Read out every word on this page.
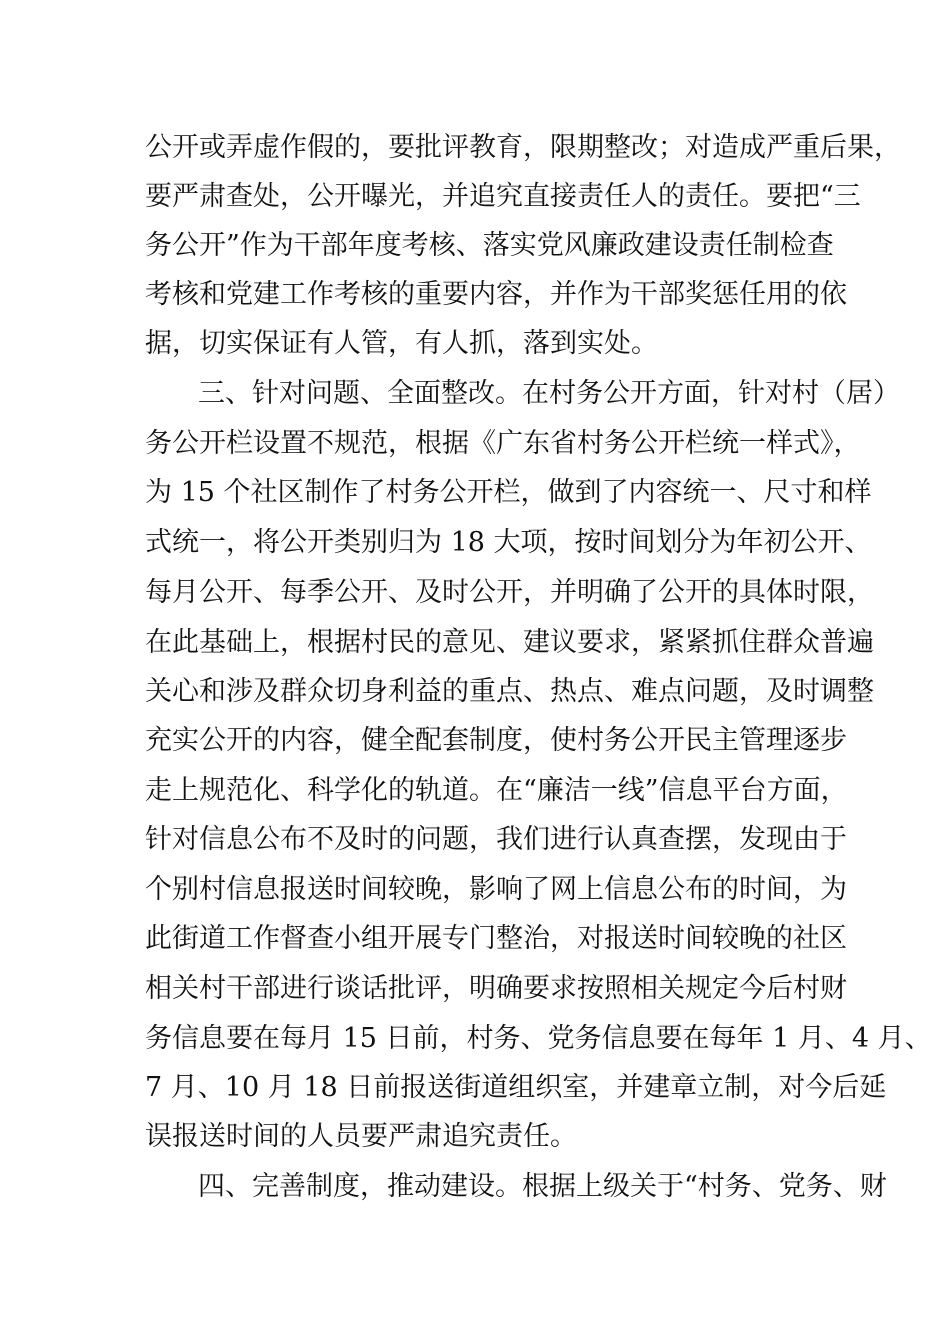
公开或弄虚作假的，要批评教育，限期整改；对造成严重后果，
要严肃查处，公开曝光，并追究直接责任人的责任。要把“三
务公开”作为干部年度考核、落实党风廉政建设责任制检查
考核和党建工作考核的重要内容，并作为干部奖惩任用的依
据，切实保证有人管，有人抓，落到实处。
三、针对问题、全面整改。在村务公开方面，针对村（居）
务公开栏设置不规范，根据《广东省村务公开栏统一样式》，
为 15 个社区制作了村务公开栏，做到了内容统一、尺寸和样
式统一，将公开类别归为 18 大项，按时间划分为年初公开、
每月公开、每季公开、及时公开，并明确了公开的具体时限，
在此基础上，根据村民的意见、建议要求，紧紧抓住群众普遍
关心和涉及群众切身利益的重点、热点、难点问题，及时调整
充实公开的内容，健全配套制度，使村务公开民主管理逐步
走上规范化、科学化的轨道。在“廉洁一线”信息平台方面，
针对信息公布不及时的问题，我们进行认真查摆，发现由于
个别村信息报送时间较晚，影响了网上信息公布的时间，为
此街道工作督查小组开展专门整治，对报送时间较晚的社区
相关村干部进行谈话批评，明确要求按照相关规定今后村财
务信息要在每月 15 日前，村务、党务信息要在每年 1 月、4 月、
7 月、10 月 18 日前报送街道组织室，并建章立制，对今后延
误报送时间的人员要严肃追究责任。
四、完善制度，推动建设。根据上级关于“村务、党务、财
